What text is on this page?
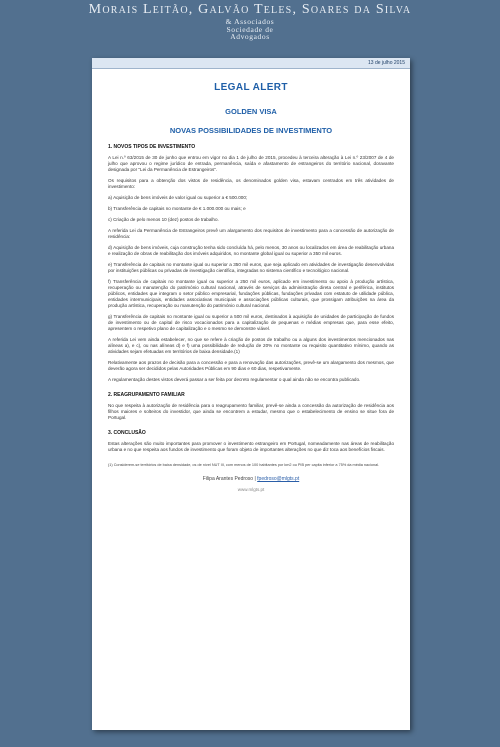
Morais Leitão, Galvão Teles, Soares da Silva
& Associados
Sociedade de
Advogados
13 de julho 2015
LEGAL ALERT
GOLDEN VISA
NOVAS POSSIBILIDADES DE INVESTIMENTO
1. NOVOS TIPOS DE INVESTIMENTO
A Lei n.º 63/2015 de 30 de junho que entrou em vigor no dia 1 de julho de 2015, procedeu à terceira alteração à Lei n.º 23/2007 de 4 de julho que aprovou o regime jurídico de entrada, permanência, saída e afastamento de estrangeiros do território nacional, doravante designada por "Lei da Permanência de Estrangeiros".
Os requisitos para a obtenção dos vistos de residência, os denominados golden visa, estavam centrados em três atividades de investimento:
a) Aquisição de bens imóveis de valor igual ou superior a € 500.000;
b) Transferência de capitais no montante de € 1.000.000 ou mais; e
c) Criação de pelo menos 10 (dez) postos de trabalho.
A referida Lei da Permanência de Estrangeiros prevê um alargamento dos requisitos de investimento para a concessão de autorização de residência:
d) Aquisição de bens imóveis, cuja construção tenha sido concluída há, pelo menos, 30 anos ou localizados em área de reabilitação urbana e realização de obras de reabilitação dos imóveis adquiridos, no montante global igual ou superior a 350 mil euros.
e) Transferência de capitais no montante igual ou superior a 350 mil euros, que seja aplicado em atividades de investigação desenvolvidas por instituições públicas ou privadas de investigação científica, integradas no sistema científico e tecnológico nacional.
f) Transferência de capitais no montante igual ou superior a 250 mil euros, aplicado em investimento ou apoio à produção artística, recuperação ou manutenção do património cultural nacional, através de serviços da administração direta central e periférica, institutos públicos, entidades que integram o setor público empresarial, fundações públicas, fundações privadas com estatuto de utilidade pública, entidades intermunicipais, entidades associativas municipais e associações públicas culturais, que prossigam atribuições na área da produção artística, recuperação ou manutenção do património cultural nacional.
g) Transferência de capitais no montante igual ou superior a 500 mil euros, destinados à aquisição de unidades de participação de fundos de investimento ou de capital de risco vocacionados para a capitalização de pequenas e médias empresas que, para esse efeito, apresentem o respetivo plano de capitalização e o mesmo se demonstre viável.
A referida Lei vem ainda estabelecer, no que se refere à criação de postos de trabalho ou a alguns dos investimentos mencionados nas alíneas a), e c), ou nas alíneas d) e f) uma possibilidade de redução de 20% no montante ou requisito quantitativo mínimo, quando as atividades sejam efetuadas em territórios de baixa densidade.(1)
Relativamente aos prazos de decisão para a concessão e para a renovação das autorizações, prevê-se um alargamento dos mesmos, que deverão agora ser decididos pelas Autoridades Públicas em 90 dias e 60 dias, respetivamente.
A regulamentação destes vistos deverá passar a ser feita por decreto regulamentar o qual ainda não se encontra publicado.
2. REAGRUPAMENTO FAMILIAR
No que respeita à autorização de residência para o reagrupamento familiar, prevê-se ainda a concessão da autorização de residência aos filhos maiores e solteiros do investidor, que ainda se encontrem a estudar, mesmo que o estabelecimento de ensino se situe fora de Portugal.
3. CONCLUSÃO
Estas alterações são muito importantes para promover o investimento estrangeiro em Portugal, nomeadamente nas áreas de reabilitação urbana e no que respeita aos fundos de investimento que foram objeto de importantes alterações no que diz toca aos benefícios fiscais.
(1) Considerem-se territórios de baixa densidade, os de nível NUT III, com menos de 100 habitantes por km2 ou PIB per capita inferior a 75% da média nacional.
Filipa Arantes Pedroso | fpedroso@mlgts.pt
www.mlgts.pt
